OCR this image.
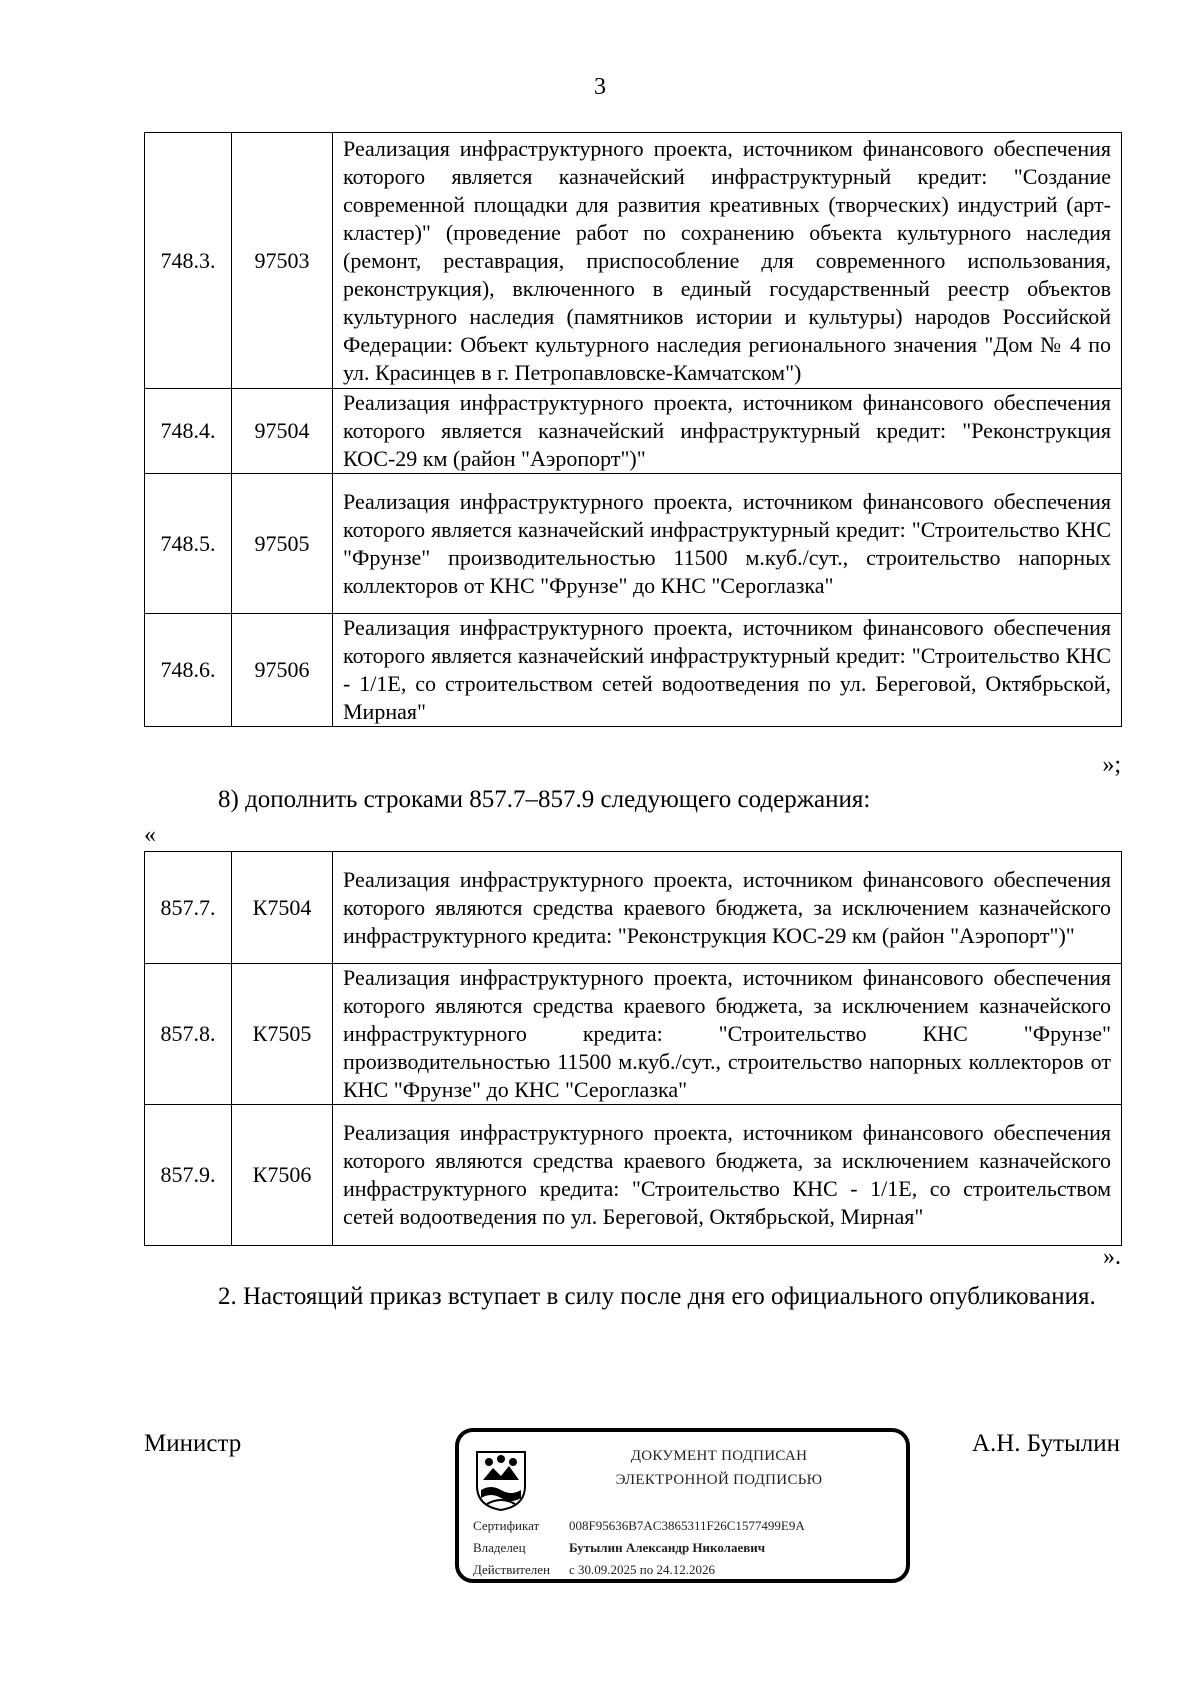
3
748.3.	97503	Реализация инфраструктурного проекта, источником финансового обеспечения которого является казначейский инфраструктурный кредит: "Создание современной площадки для развития креативных (творческих) индустрий (арт-кластер)" (проведение работ по сохранению объекта культурного наследия (ремонт, реставрация, приспособление для современного использования, реконструкция), включенного в единый государственный реестр объектов культурного наследия (памятников истории и культуры) народов Российской Федерации: Объект культурного наследия регионального значения "Дом № 4 по ул. Красинцев в г. Петропавловске-Камчатском")
748.4.	97504	Реализация инфраструктурного проекта, источником финансового обеспечения которого является казначейский инфраструктурный кредит: "Реконструкция КОС-29 км (район "Аэропорт")"
748.5.	97505	Реализация инфраструктурного проекта, источником финансового обеспечения которого является казначейский инфраструктурный кредит: "Строительство КНС "Фрунзе" производительностью 11500 м.куб./сут., строительство напорных коллекторов от КНС "Фрунзе" до КНС "Сероглазка"
748.6.	97506	Реализация инфраструктурного проекта, источником финансового обеспечения которого является казначейский инфраструктурный кредит: "Строительство КНС - 1/1Е, со строительством сетей водоотведения по ул. Береговой, Октябрьской, Мирная"
»;
8) дополнить строками 857.7–857.9 следующего содержания:
«
857.7.	К7504	Реализация инфраструктурного проекта, источником финансового обеспечения которого являются средства краевого бюджета, за исключением казначейского инфраструктурного кредита: "Реконструкция КОС-29 км (район "Аэропорт")"
857.8.	К7505	Реализация инфраструктурного проекта, источником финансового обеспечения которого являются средства краевого бюджета, за исключением казначейского инфраструктурного кредита: "Строительство КНС "Фрунзе" производительностью 11500 м.куб./сут., строительство напорных коллекторов от КНС "Фрунзе" до КНС "Сероглазка"
857.9.	К7506	Реализация инфраструктурного проекта, источником финансового обеспечения которого являются средства краевого бюджета, за исключением казначейского инфраструктурного кредита: "Строительство КНС - 1/1Е, со строительством сетей водоотведения по ул. Береговой, Октябрьской, Мирная"
».
2. Настоящий приказ вступает в силу после дня его официального опубликования.
Министр	А.Н. Бутылин
ДОКУМЕНТ ПОДПИСАН
ЭЛЕКТРОННОЙ ПОДПИСЬЮ
Сертификат 008F95636B7AC3865311F26C1577499E9A
Владелец	Бутылин Александр Николаевич
Действителен с 30.09.2025 по 24.12.2026
